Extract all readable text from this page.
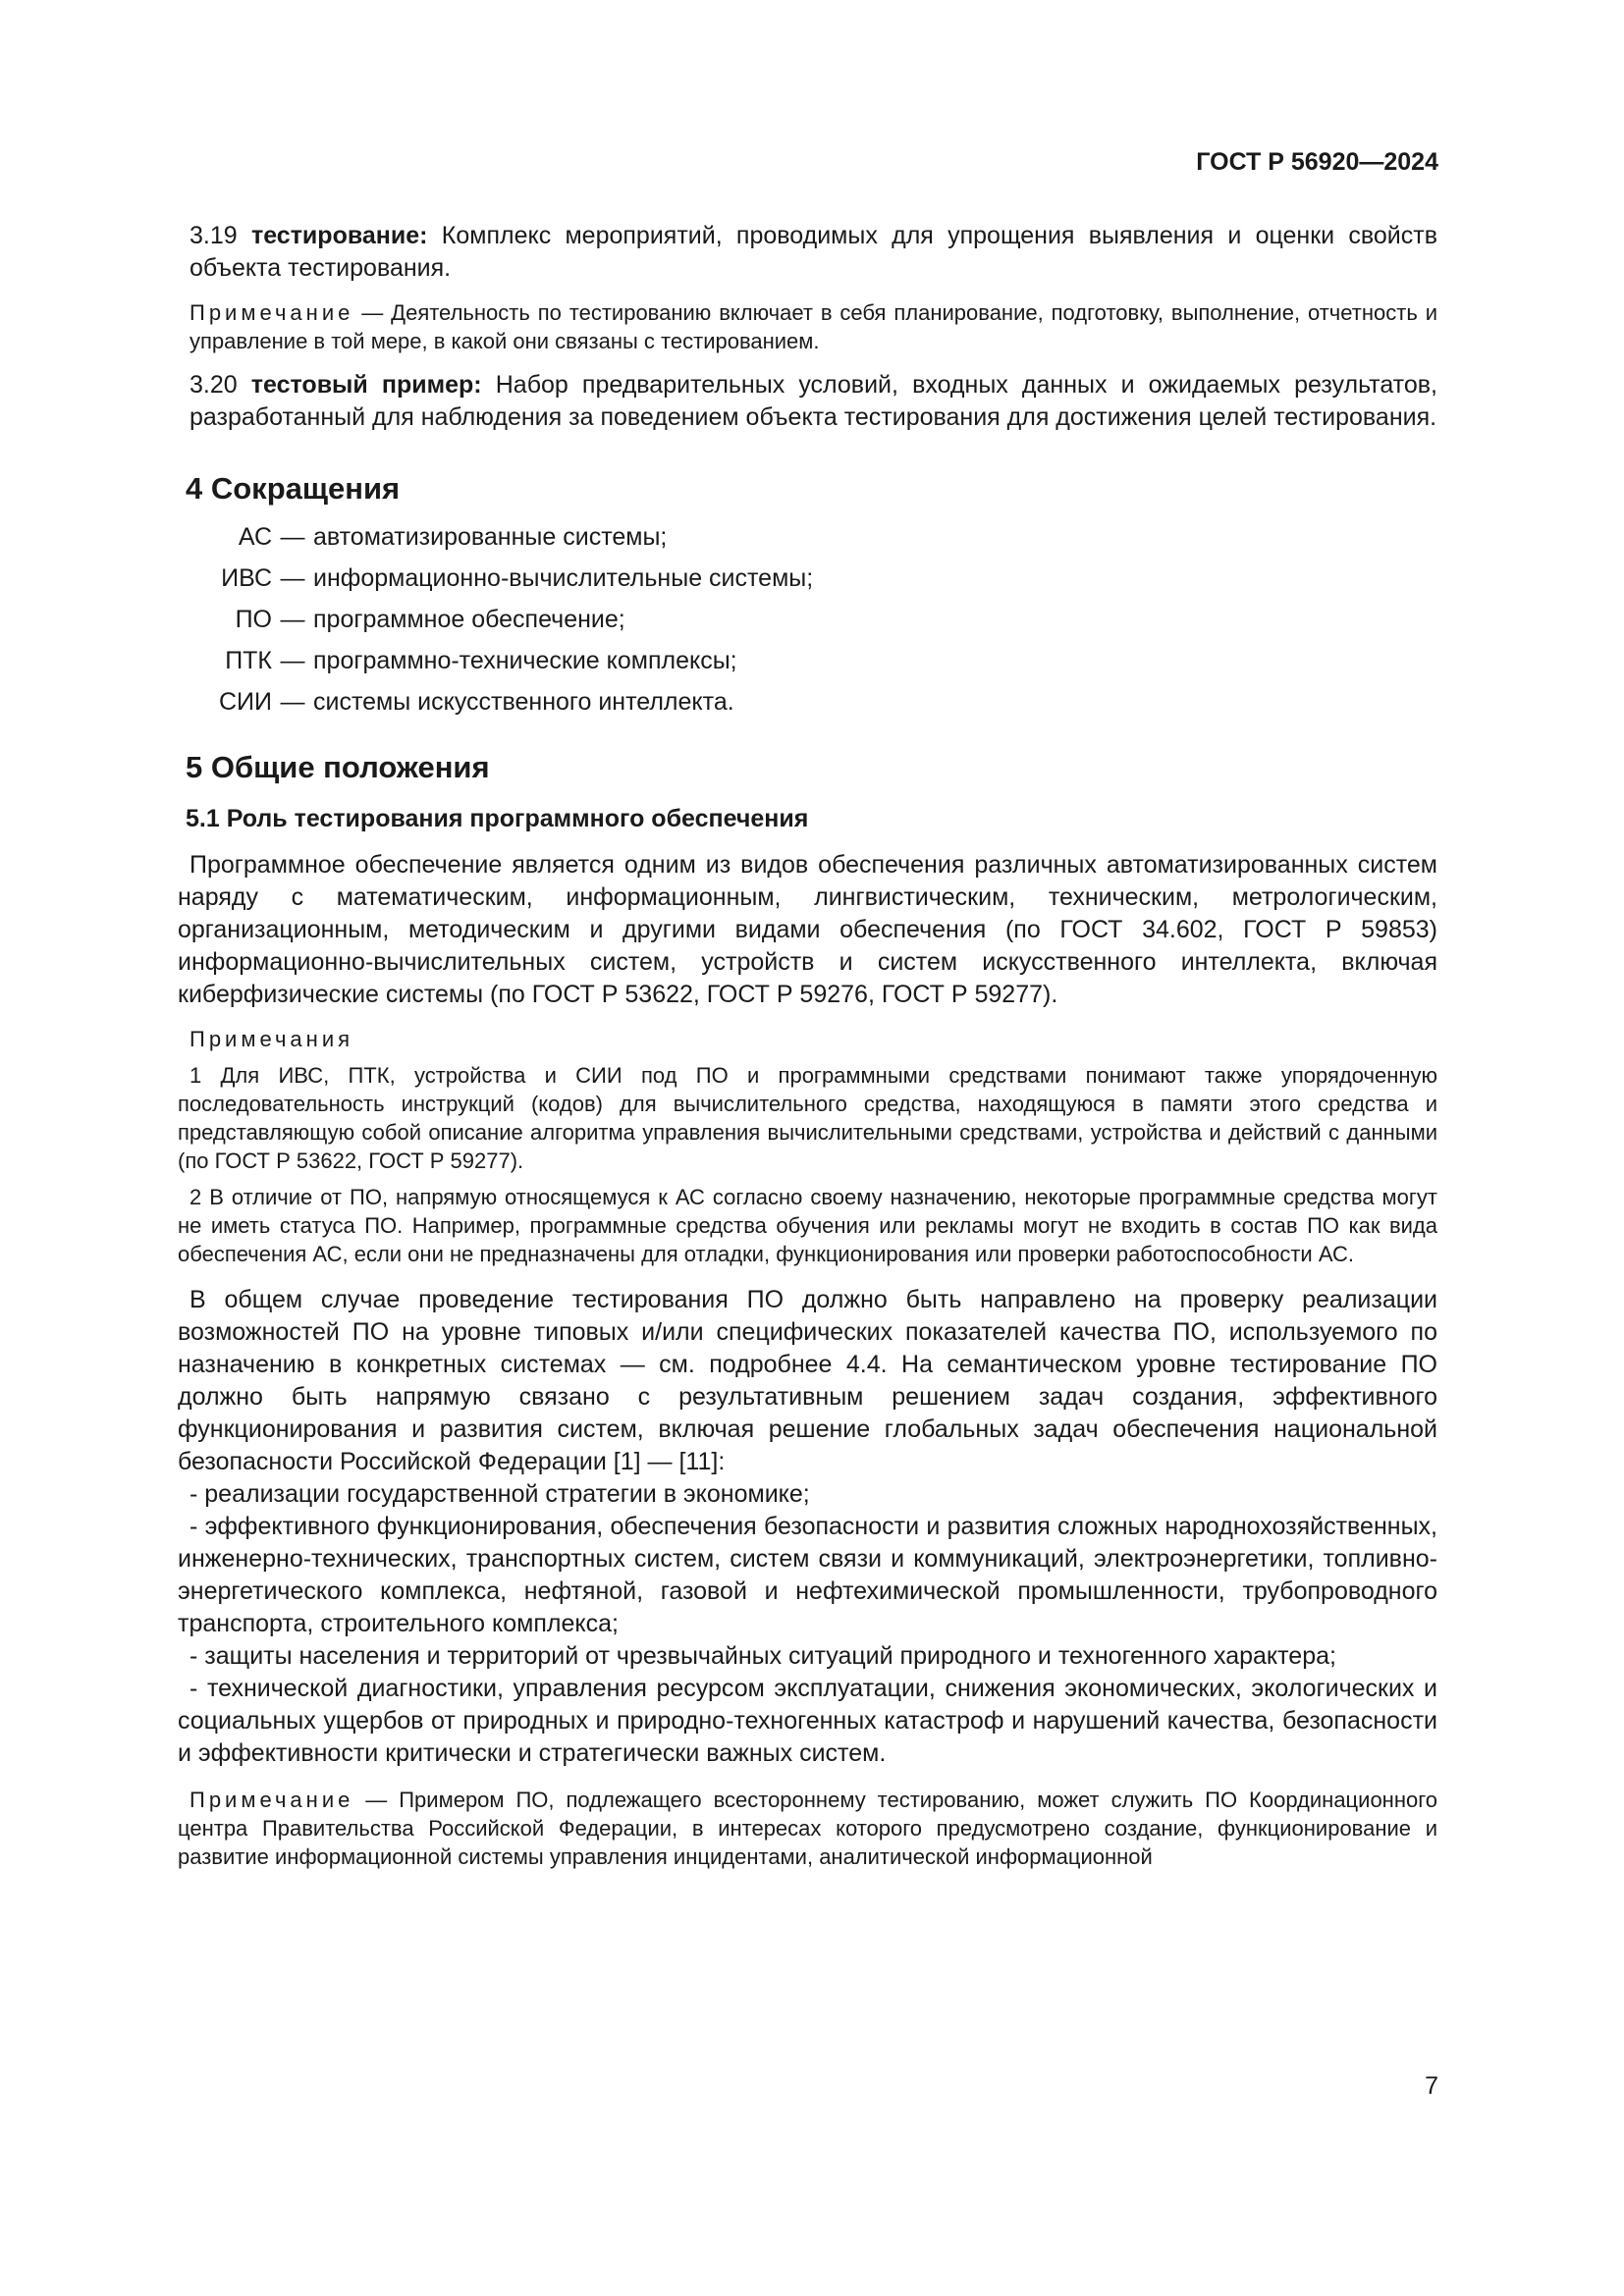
ГОСТ Р 56920—2024

3.19 тестирование: Комплекс мероприятий, проводимых для упрощения выявления и оценки свойств объекта тестирования.

Примечание — Деятельность по тестированию включает в себя планирование, подготовку, выполнение, отчетность и управление в той мере, в какой они связаны с тестированием.

3.20 тестовый пример: Набор предварительных условий, входных данных и ожидаемых результатов, разработанный для наблюдения за поведением объекта тестирования для достижения целей тестирования.

4 Сокращения
АС — автоматизированные системы;
ИВС — информационно-вычислительные системы;
ПО — программное обеспечение;
ПТК — программно-технические комплексы;
СИИ — системы искусственного интеллекта.
5 Общие положения
5.1 Роль тестирования программного обеспечения

Программное обеспечение является одним из видов обеспечения различных автоматизированных систем наряду с математическим, информационным, лингвистическим, техническим, метрологическим, организационным, методическим и другими видами обеспечения (по ГОСТ 34.602, ГОСТ Р 59853) информационно-вычислительных систем, устройств и систем искусственного интеллекта, включая киберфизические системы (по ГОСТ Р 53622, ГОСТ Р 59276, ГОСТ Р 59277).

Примечания

1 Для ИВС, ПТК, устройства и СИИ под ПО и программными средствами понимают также упорядоченную последовательность инструкций (кодов) для вычислительного средства, находящуюся в памяти этого средства и представляющую собой описание алгоритма управления вычислительными средствами, устройства и действий с данными (по ГОСТ Р 53622, ГОСТ Р 59277).

2 В отличие от ПО, напрямую относящемуся к АС согласно своему назначению, некоторые программные средства могут не иметь статуса ПО. Например, программные средства обучения или рекламы могут не входить в состав ПО как вида обеспечения АС, если они не предназначены для отладки, функционирования или проверки работоспособности АС.

В общем случае проведение тестирования ПО должно быть направлено на проверку реализации возможностей ПО на уровне типовых и/или специфических показателей качества ПО, используемого по назначению в конкретных системах — см. подробнее 4.4. На семантическом уровне тестирование ПО должно быть напрямую связано с результативным решением задач создания, эффективного функционирования и развития систем, включая решение глобальных задач обеспечения национальной безопасности Российской Федерации [1] — [11]:

- реализации государственной стратегии в экономике;

- эффективного функционирования, обеспечения безопасности и развития сложных народнохозяйственных, инженерно-технических, транспортных систем, систем связи и коммуникаций, электроэнергетики, топливно-энергетического комплекса, нефтяной, газовой и нефтехимической промышленности, трубопроводного транспорта, строительного комплекса;

- защиты населения и территорий от чрезвычайных ситуаций природного и техногенного характера;

- технической диагностики, управления ресурсом эксплуатации, снижения экономических, экологических и социальных ущербов от природных и природно-техногенных катастроф и нарушений качества, безопасности и эффективности критически и стратегически важных систем.

Примечание — Примером ПО, подлежащего всестороннему тестированию, может служить ПО Координационного центра Правительства Российской Федерации, в интересах которого предусмотрено создание, функционирование и развитие информационной системы управления инцидентами, аналитической информационной

7
